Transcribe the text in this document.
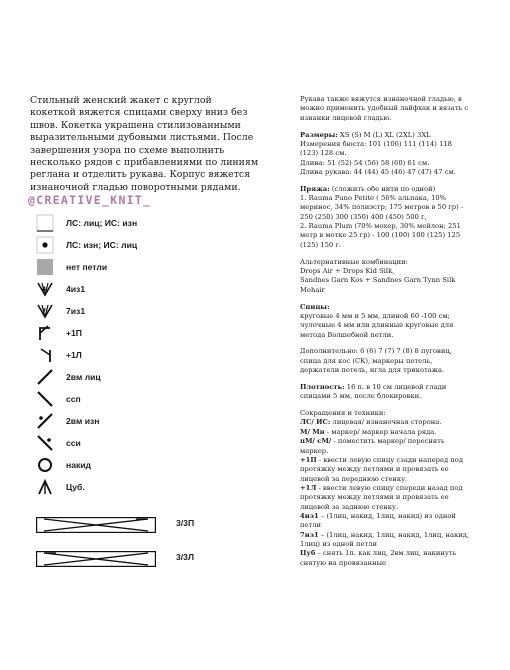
Стильный женский жакет с круглой кокеткой вяжется спицами сверху вниз без швов. Кокетка украшена стилизованными выразительными дубовыми листьями. После завершения узора по схеме выполнить несколько рядов с прибавлениями по линиям реглана и отделить рукава. Корпус вяжется изнаночной гладью поворотными рядами.

@CREATIVE_KNIT_
ЛС: лиц; ИС: изн
ЛС: изн; ИС: лиц
нет петли
4 4из1
7 7из1
+1П
+1Л
2вм лиц
ссп
2вм изн
сси
накид
Цуб.
3/3П
3/3Л

Рукава также вяжутся изнаночной гладью, в можно применить удобный лайфхак и вязать с изнанки лицевой гладью.

Размеры: XS (S) M (L) XL (2XL) 3XL

Измерения бюста: 101 (106) 111 (114) 118 (123) 128 см.

Длина: 51 (52) 54 (56) 58 (60) 61 см.

Длина рукава: 44 (44) 45 (46) 47 (47) 47 см.

Пряжа: (сложить обе нити по одной)

1. Rauma Puno Petite ( 56% альпака, 10% меринос, 34% полиэстр; 175 метров в 50 гр) - 250 (250) 300 (350) 400 (450) 500 г,

2. Rauma Plum (70% мохер, 30% мейлон; 251 метр в мотке 25 гр) - 100 (100) 100 (125) 125 (125) 150 г.

Альтернативные комбинации:

Drops Air + Drops Kid Silk,

Sandnes Garn Kos + Sandnes Garn Tynn Silk Mohair

Спицы:

круговые 4 мм и 5 мм, длиной 60 -100 см; чулочные 4 мм или длинные круговые для метода Волшебной петли.

Дополнительно: 6 (6) 7 (7) 7 (8) 8 пуговиц, спица для кос (СК), маркеры петель, держатели петель, игла для трикотажа.

Плотность: 16 п. в 10 см лицевой глади спицами 5 мм, после блокировки.

Сокращения и техники:

ЛС/ ИС: лицевая/ изнаночная сторона.

М/ Мн - маркер/ маркер начала ряда.

пМ/ сМ/ - поместить маркер/ переснять маркер.

+1П - ввести левую спицу сзади наперед под протяжку между петлями и провязать ее лицевой за переднюю стенку.

+1Л - ввести левую спицу спереди назад под протяжку между петлями и провязать ее лицевой за заднюю стенку.

4из1 – (1лиц, накид, 1лиц, накид) из одной петли

7из1 – (1лиц, накид, 1лиц, накид, 1лиц, накид, 1лиц) из одной петли

Цуб – снять 1п. как лиц, 2вм лиц, накинуть снятую на провязанные
